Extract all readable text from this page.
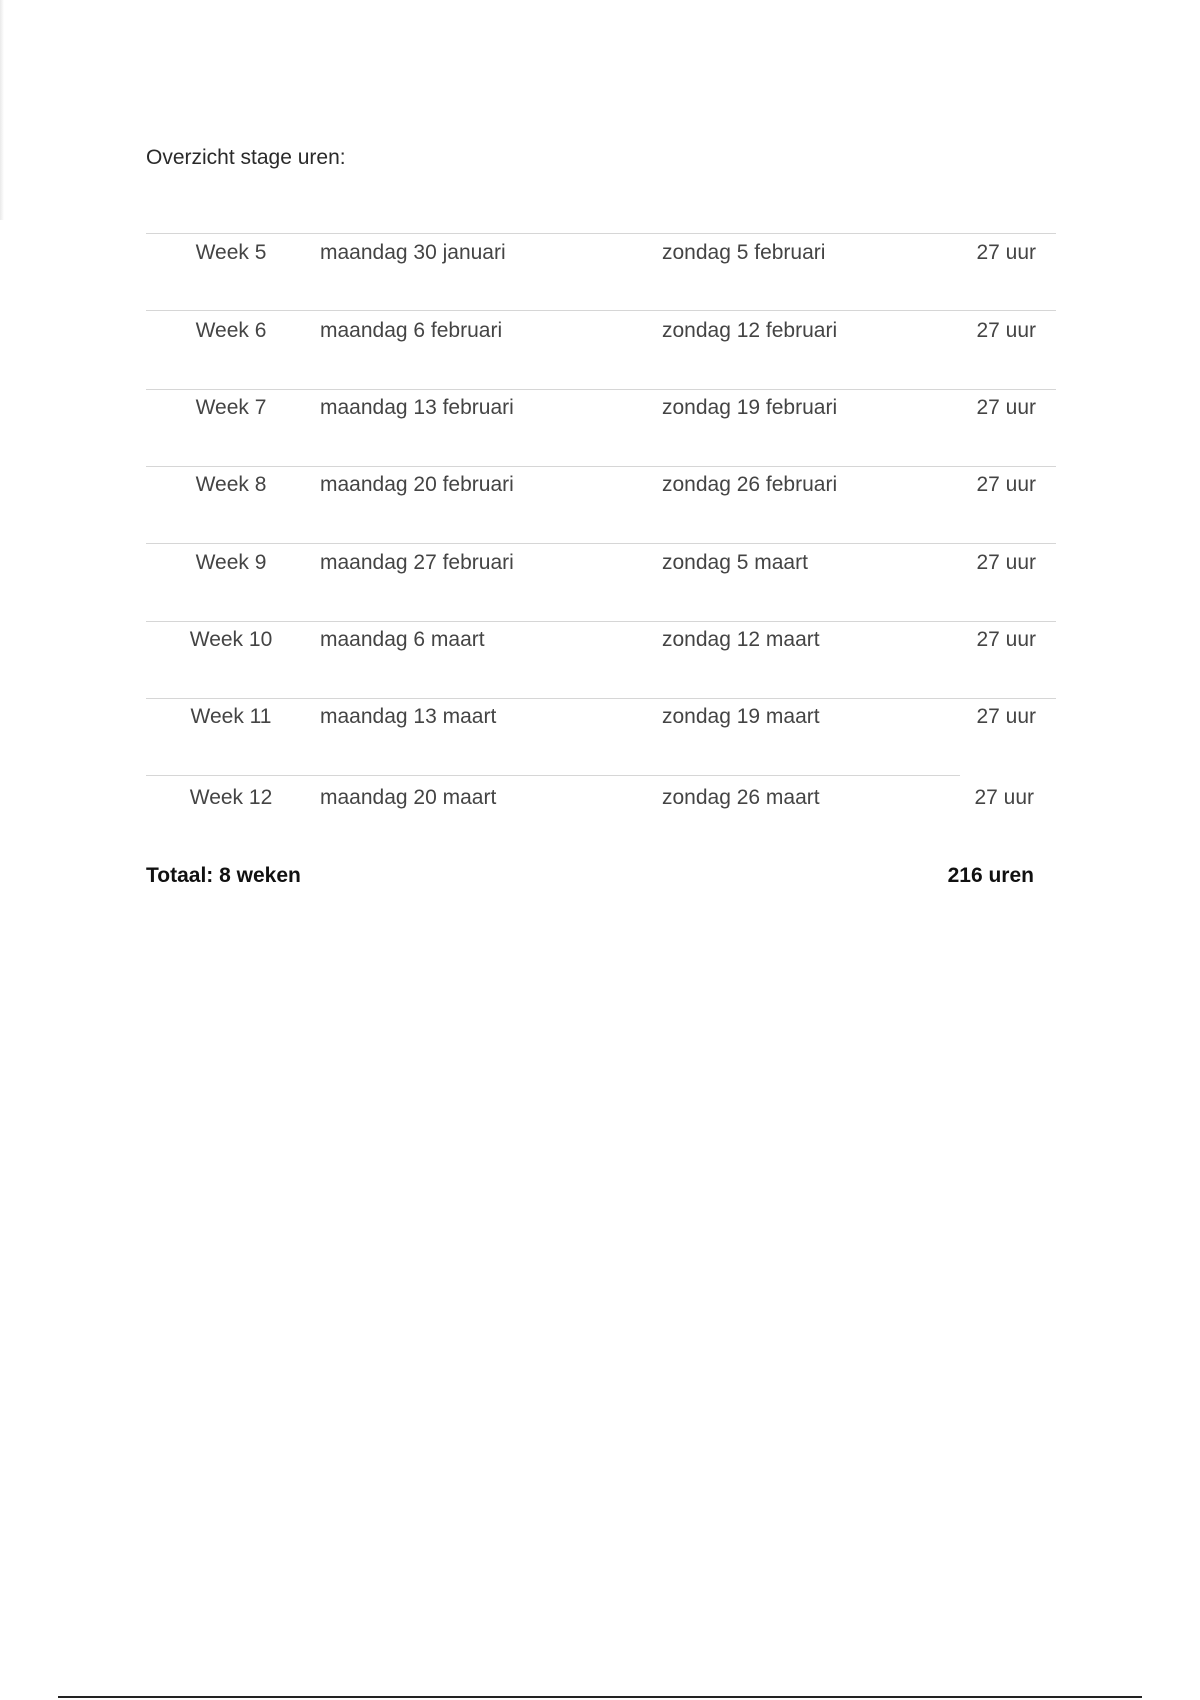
Overzicht stage uren:
Week 5	maandag 30 januari	zondag 5 februari	27 uur
Week 6	maandag 6 februari	zondag 12 februari	27 uur
Week 7	maandag 13 februari	zondag 19 februari	27 uur
Week 8	maandag 20 februari	zondag 26 februari	27 uur
Week 9	maandag 27 februari	zondag 5 maart	27 uur
Week 10	maandag 6 maart	zondag 12 maart	27 uur
Week 11	maandag 13 maart	zondag 19 maart	27 uur
Week 12	maandag 20 maart	zondag 26 maart	27 uur
Totaal: 8 weken	216 uren
